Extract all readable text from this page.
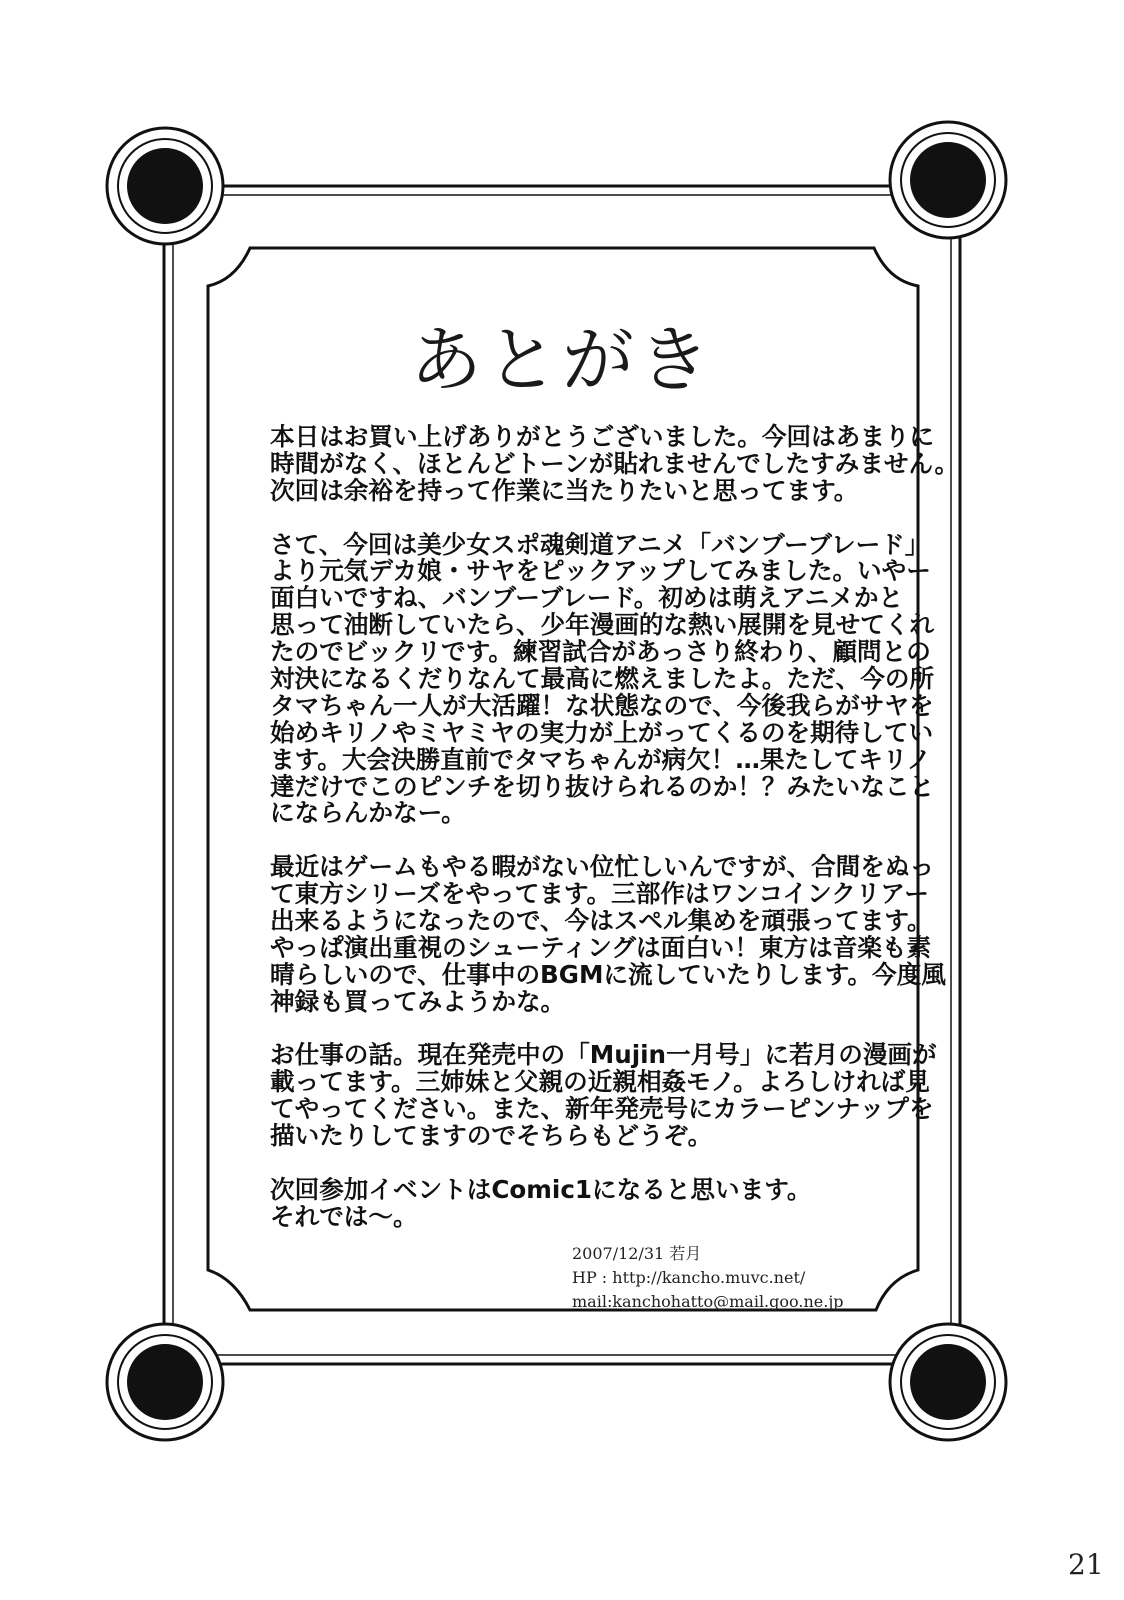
あとがき
本日はお買い上げありがとうございました。今回はあまりに
時間がなく、ほとんどトーンが貼れませんでしたすみません。
次回は余裕を持って作業に当たりたいと思ってます。
さて、今回は美少女スポ魂剣道アニメ「バンブーブレード」
より元気デカ娘・サヤをピックアップしてみました。いやー
面白いですね、バンブーブレード。初めは萌えアニメかと
思って油断していたら、少年漫画的な熱い展開を見せてくれ
たのでビックリです。練習試合があっさり終わり、顧問との
対決になるくだりなんて最高に燃えましたよ。ただ、今の所
タマちゃん一人が大活躍！な状態なので、今後我らがサヤを
始めキリノやミヤミヤの実力が上がってくるのを期待してい
ます。大会決勝直前でタマちゃんが病欠！…果たしてキリノ
達だけでこのピンチを切り抜けられるのか！？みたいなこと
にならんかなー。
最近はゲームもやる暇がない位忙しいんですが、合間をぬっ
て東方シリーズをやってます。三部作はワンコインクリアー
出来るようになったので、今はスペル集めを頑張ってます。
やっぱ演出重視のシューティングは面白い！東方は音楽も素
晴らしいので、仕事中のBGMに流していたりします。今度風
神録も買ってみようかな。
お仕事の話。現在発売中の「Mujin一月号」に若月の漫画が
載ってます。三姉妹と父親の近親相姦モノ。よろしければ見
てやってください。また、新年発売号にカラーピンナップを
描いたりしてますのでそちらもどうぞ。
次回参加イベントはComic1になると思います。
それでは～。
2007/12/31 若月
HP : http://kancho.muvc.net/
mail:kanchohatto@mail.goo.ne.jp
21
